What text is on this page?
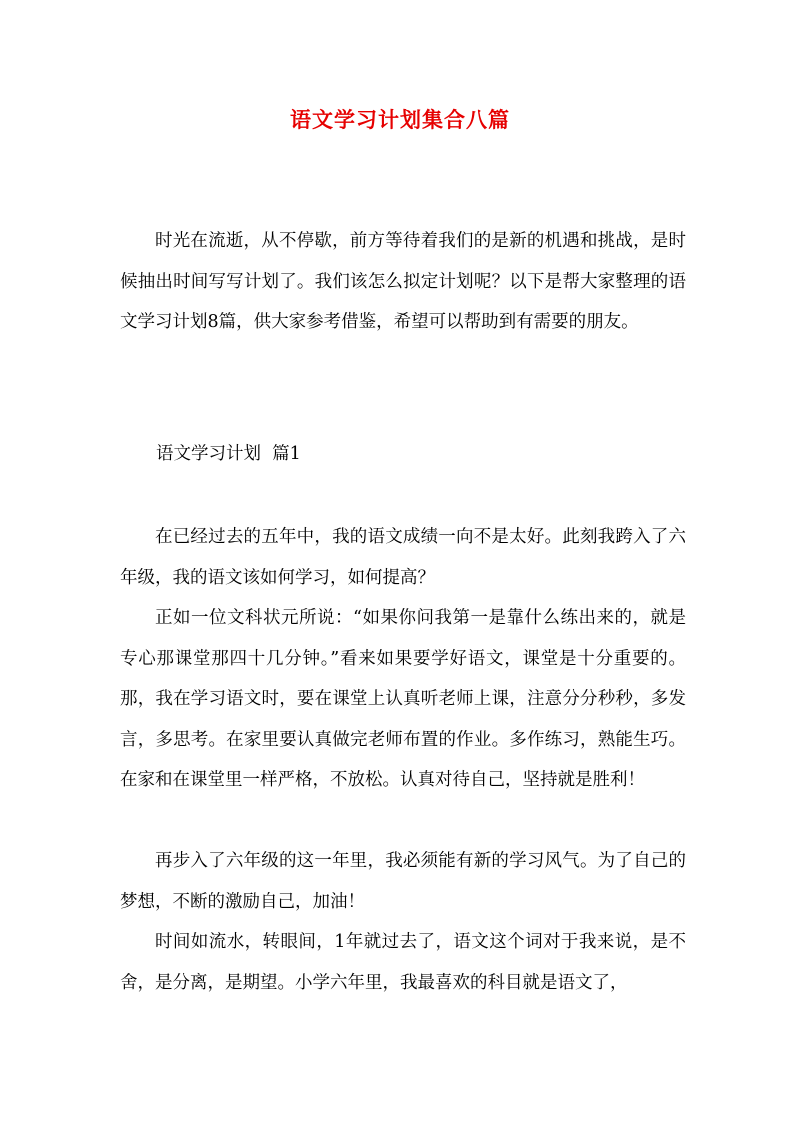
语文学习计划集合八篇

时光在流逝，从不停歇，前方等待着我们的是新的机遇和挑战，是时候抽出时间写写计划了。我们该怎么拟定计划呢？以下是帮大家整理的语文学习计划8篇，供大家参考借鉴，希望可以帮助到有需要的朋友。

语文学习计划  篇1

在已经过去的五年中，我的语文成绩一向不是太好。此刻我跨入了六年级，我的语文该如何学习，如何提高？

正如一位文科状元所说：“如果你问我第一是靠什么练出来的，就是专心那课堂那四十几分钟。”看来如果要学好语文，课堂是十分重要的。那，我在学习语文时，要在课堂上认真听老师上课，注意分分秒秒，多发言，多思考。在家里要认真做完老师布置的作业。多作练习，熟能生巧。在家和在课堂里一样严格，不放松。认真对待自己，坚持就是胜利！

再步入了六年级的这一年里，我必须能有新的学习风气。为了自己的梦想，不断的激励自己，加油！

时间如流水，转眼间，1年就过去了，语文这个词对于我来说，是不舍，是分离，是期望。小学六年里，我最喜欢的科目就是语文了，
